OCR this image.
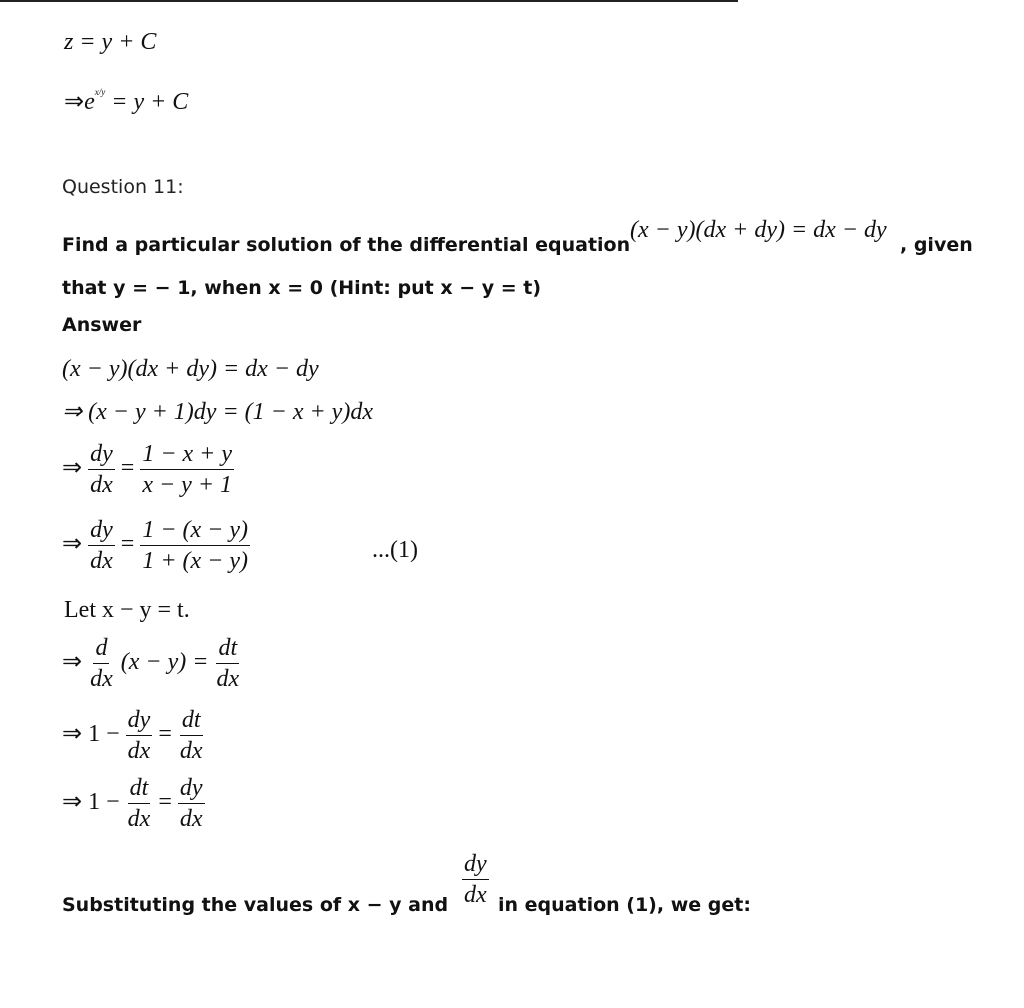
z = y + C
$\Rightarrow e^{x/y} = y + C$
Question 11:
Find a particular solution of the differential equation
(x − y)(dx + dy) = dx − dy
, given
that y = − 1, when x = 0 (Hint: put x − y = t)
Answer
(x − y)(dx + dy) = dx − dy
⇒ (x − y + 1)dy = (1 − x + y)dx
⇒ $\frac{dy}{dx} = \frac{1 - x + y}{x - y + 1}$
⇒ $\frac{dy}{dx} = \frac{1 - (x - y)}{1 + (x - y)}$	...(1)
Let x − y = t.
⇒ $\frac{d}{dx} (x - y) = \frac{dt}{dx}$
⇒ $1 - \frac{dy}{dx} = \frac{dt}{dx}$
⇒ $1 - \frac{dt}{dx} = \frac{dy}{dx}$
Substituting the values of x − y and $\frac{dy}{dx}$ in equation (1), we get:
